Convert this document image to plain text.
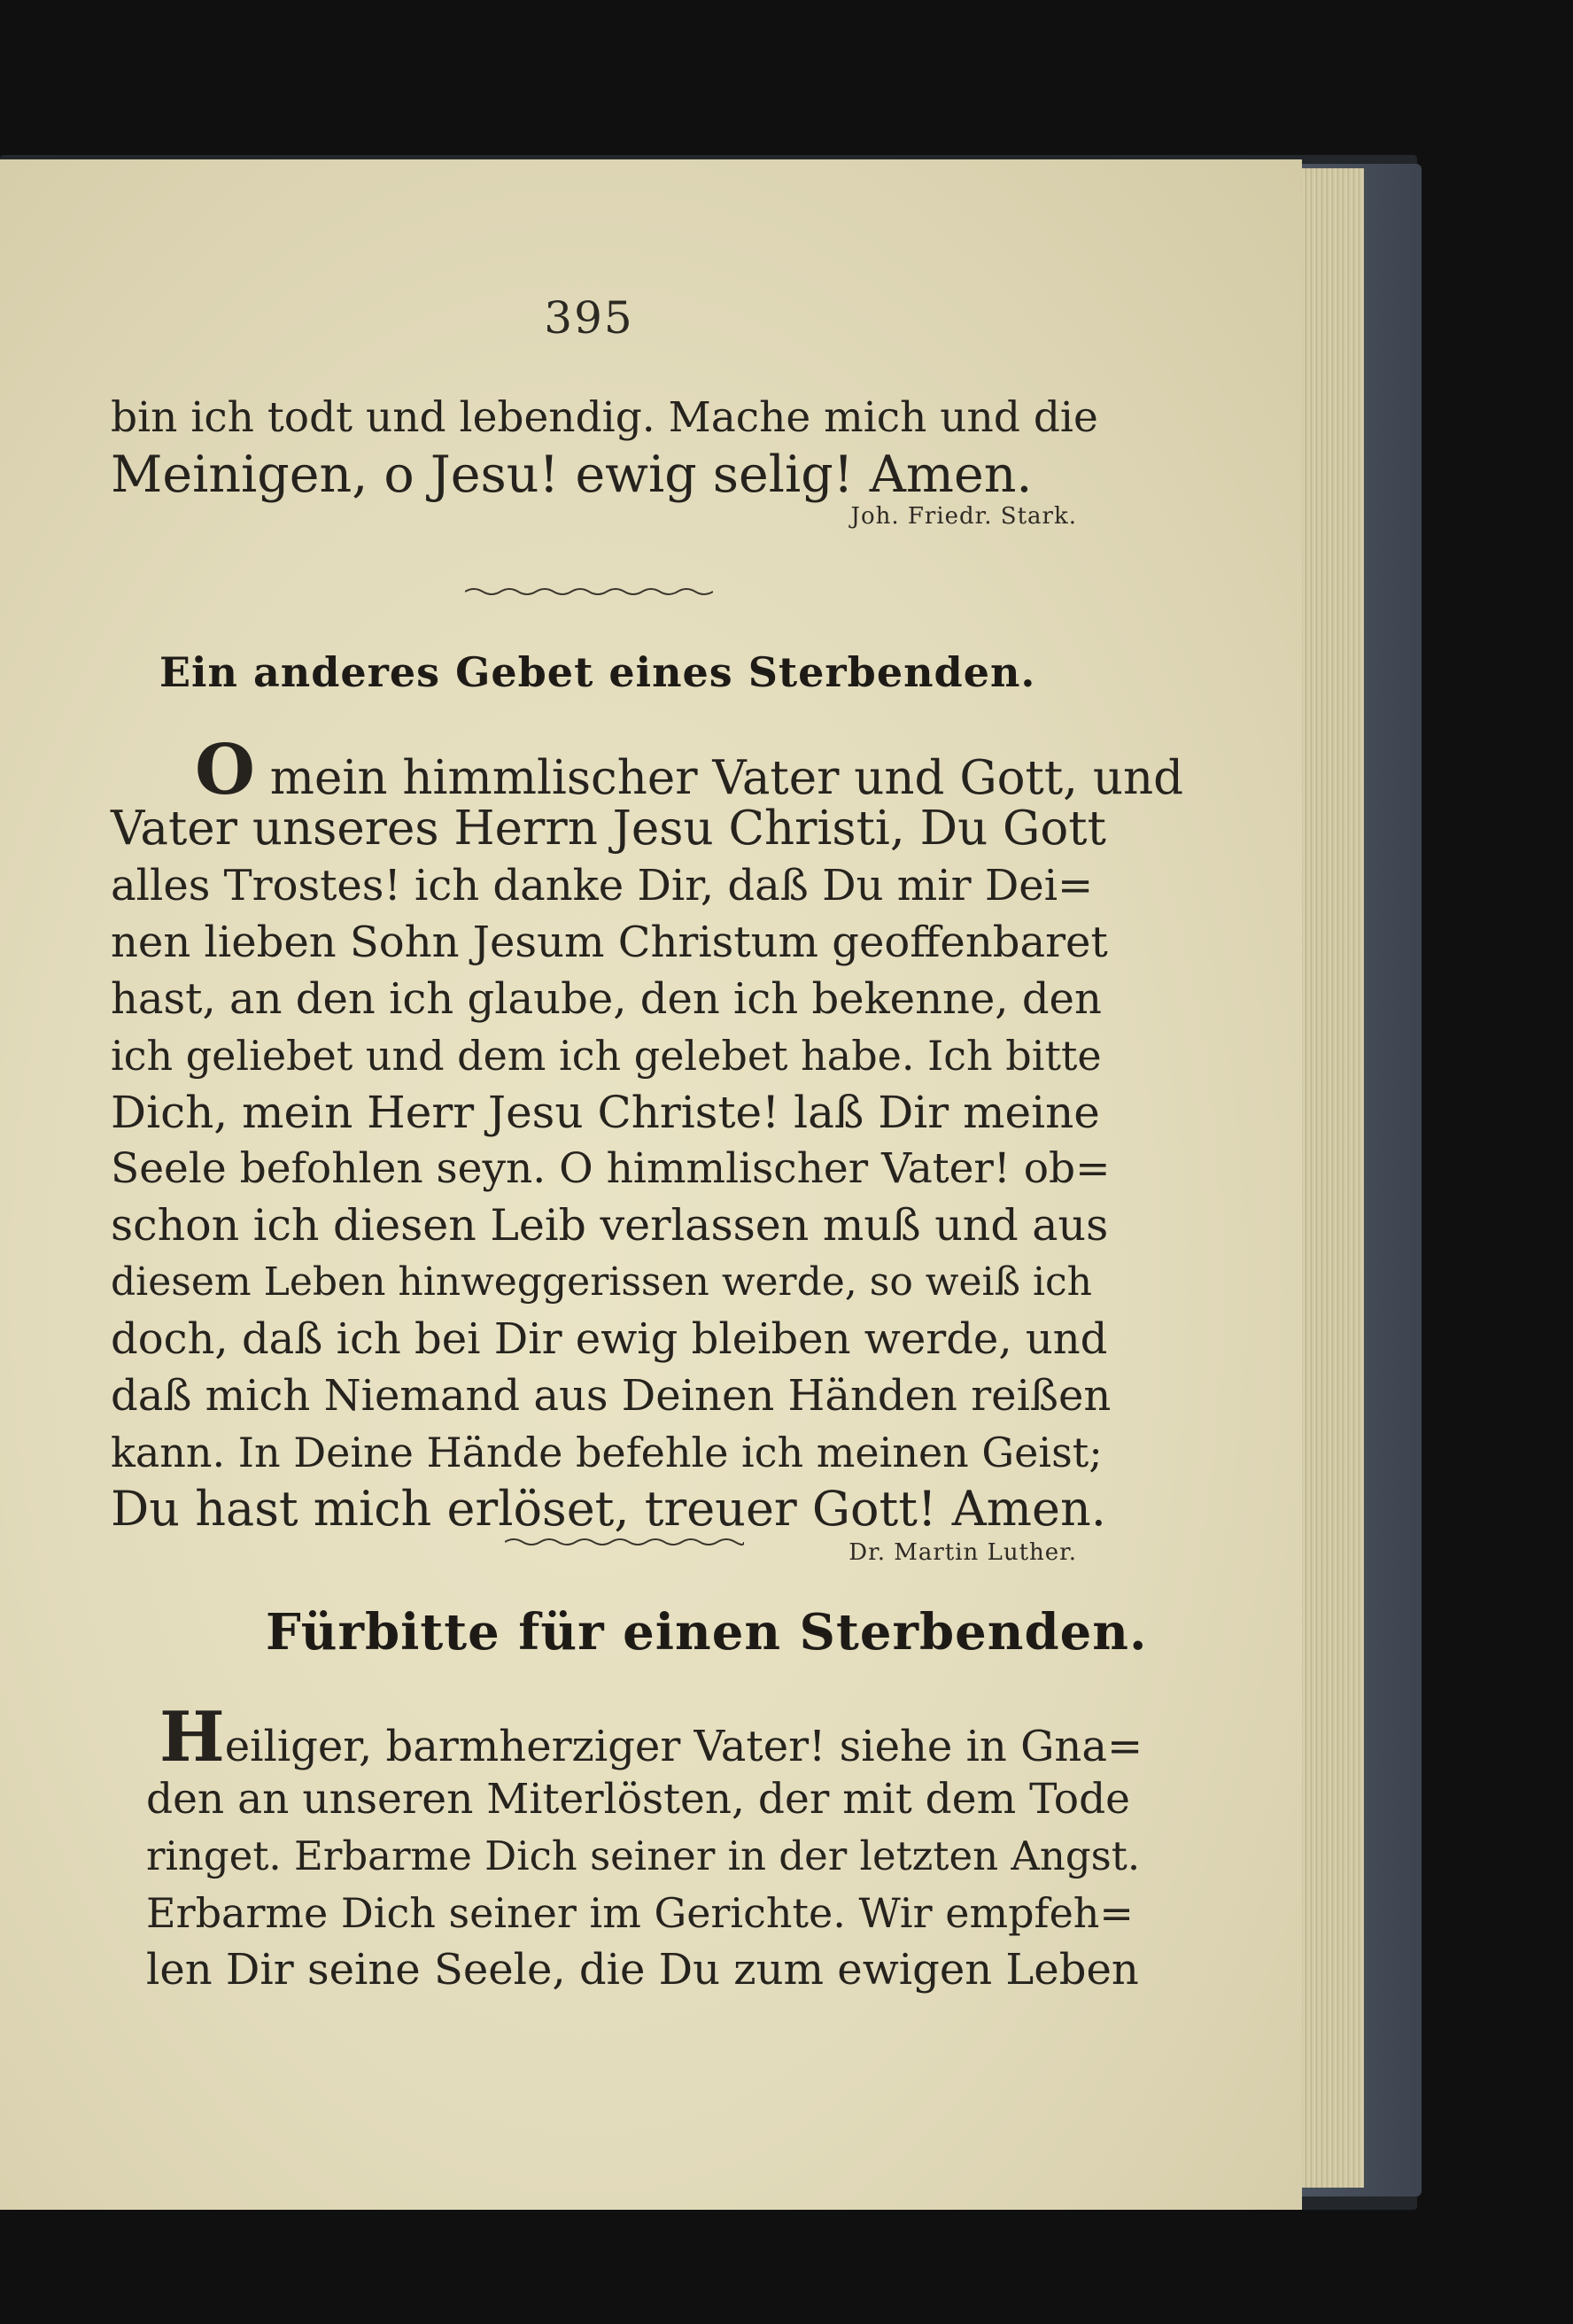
395
bin ich todt und lebendig. Mache mich und die
Meinigen, o Jesu! ewig selig! Amen.
Joh. Friedr. Stark.
Ein anderes Gebet eines Sterbenden.
O mein himmlischer Vater und Gott, und
Vater unseres Herrn Jesu Christi, Du Gott
alles Trostes! ich danke Dir, daß Du mir Dei=
nen lieben Sohn Jesum Christum geoffenbaret
hast, an den ich glaube, den ich bekenne, den
ich geliebet und dem ich gelebet habe. Ich bitte
Dich, mein Herr Jesu Christe! laß Dir meine
Seele befohlen seyn. O himmlischer Vater! ob=
schon ich diesen Leib verlassen muß und aus
diesem Leben hinweggerissen werde, so weiß ich
doch, daß ich bei Dir ewig bleiben werde, und
daß mich Niemand aus Deinen Händen reißen
kann. In Deine Hände befehle ich meinen Geist;
Du hast mich erlöset, treuer Gott! Amen.
Dr. Martin Luther.
Fürbitte für einen Sterbenden.
Heiliger, barmherziger Vater! siehe in Gna=
den an unseren Miterlösten, der mit dem Tode
ringet. Erbarme Dich seiner in der letzten Angst.
Erbarme Dich seiner im Gerichte. Wir empfeh=
len Dir seine Seele, die Du zum ewigen Leben
